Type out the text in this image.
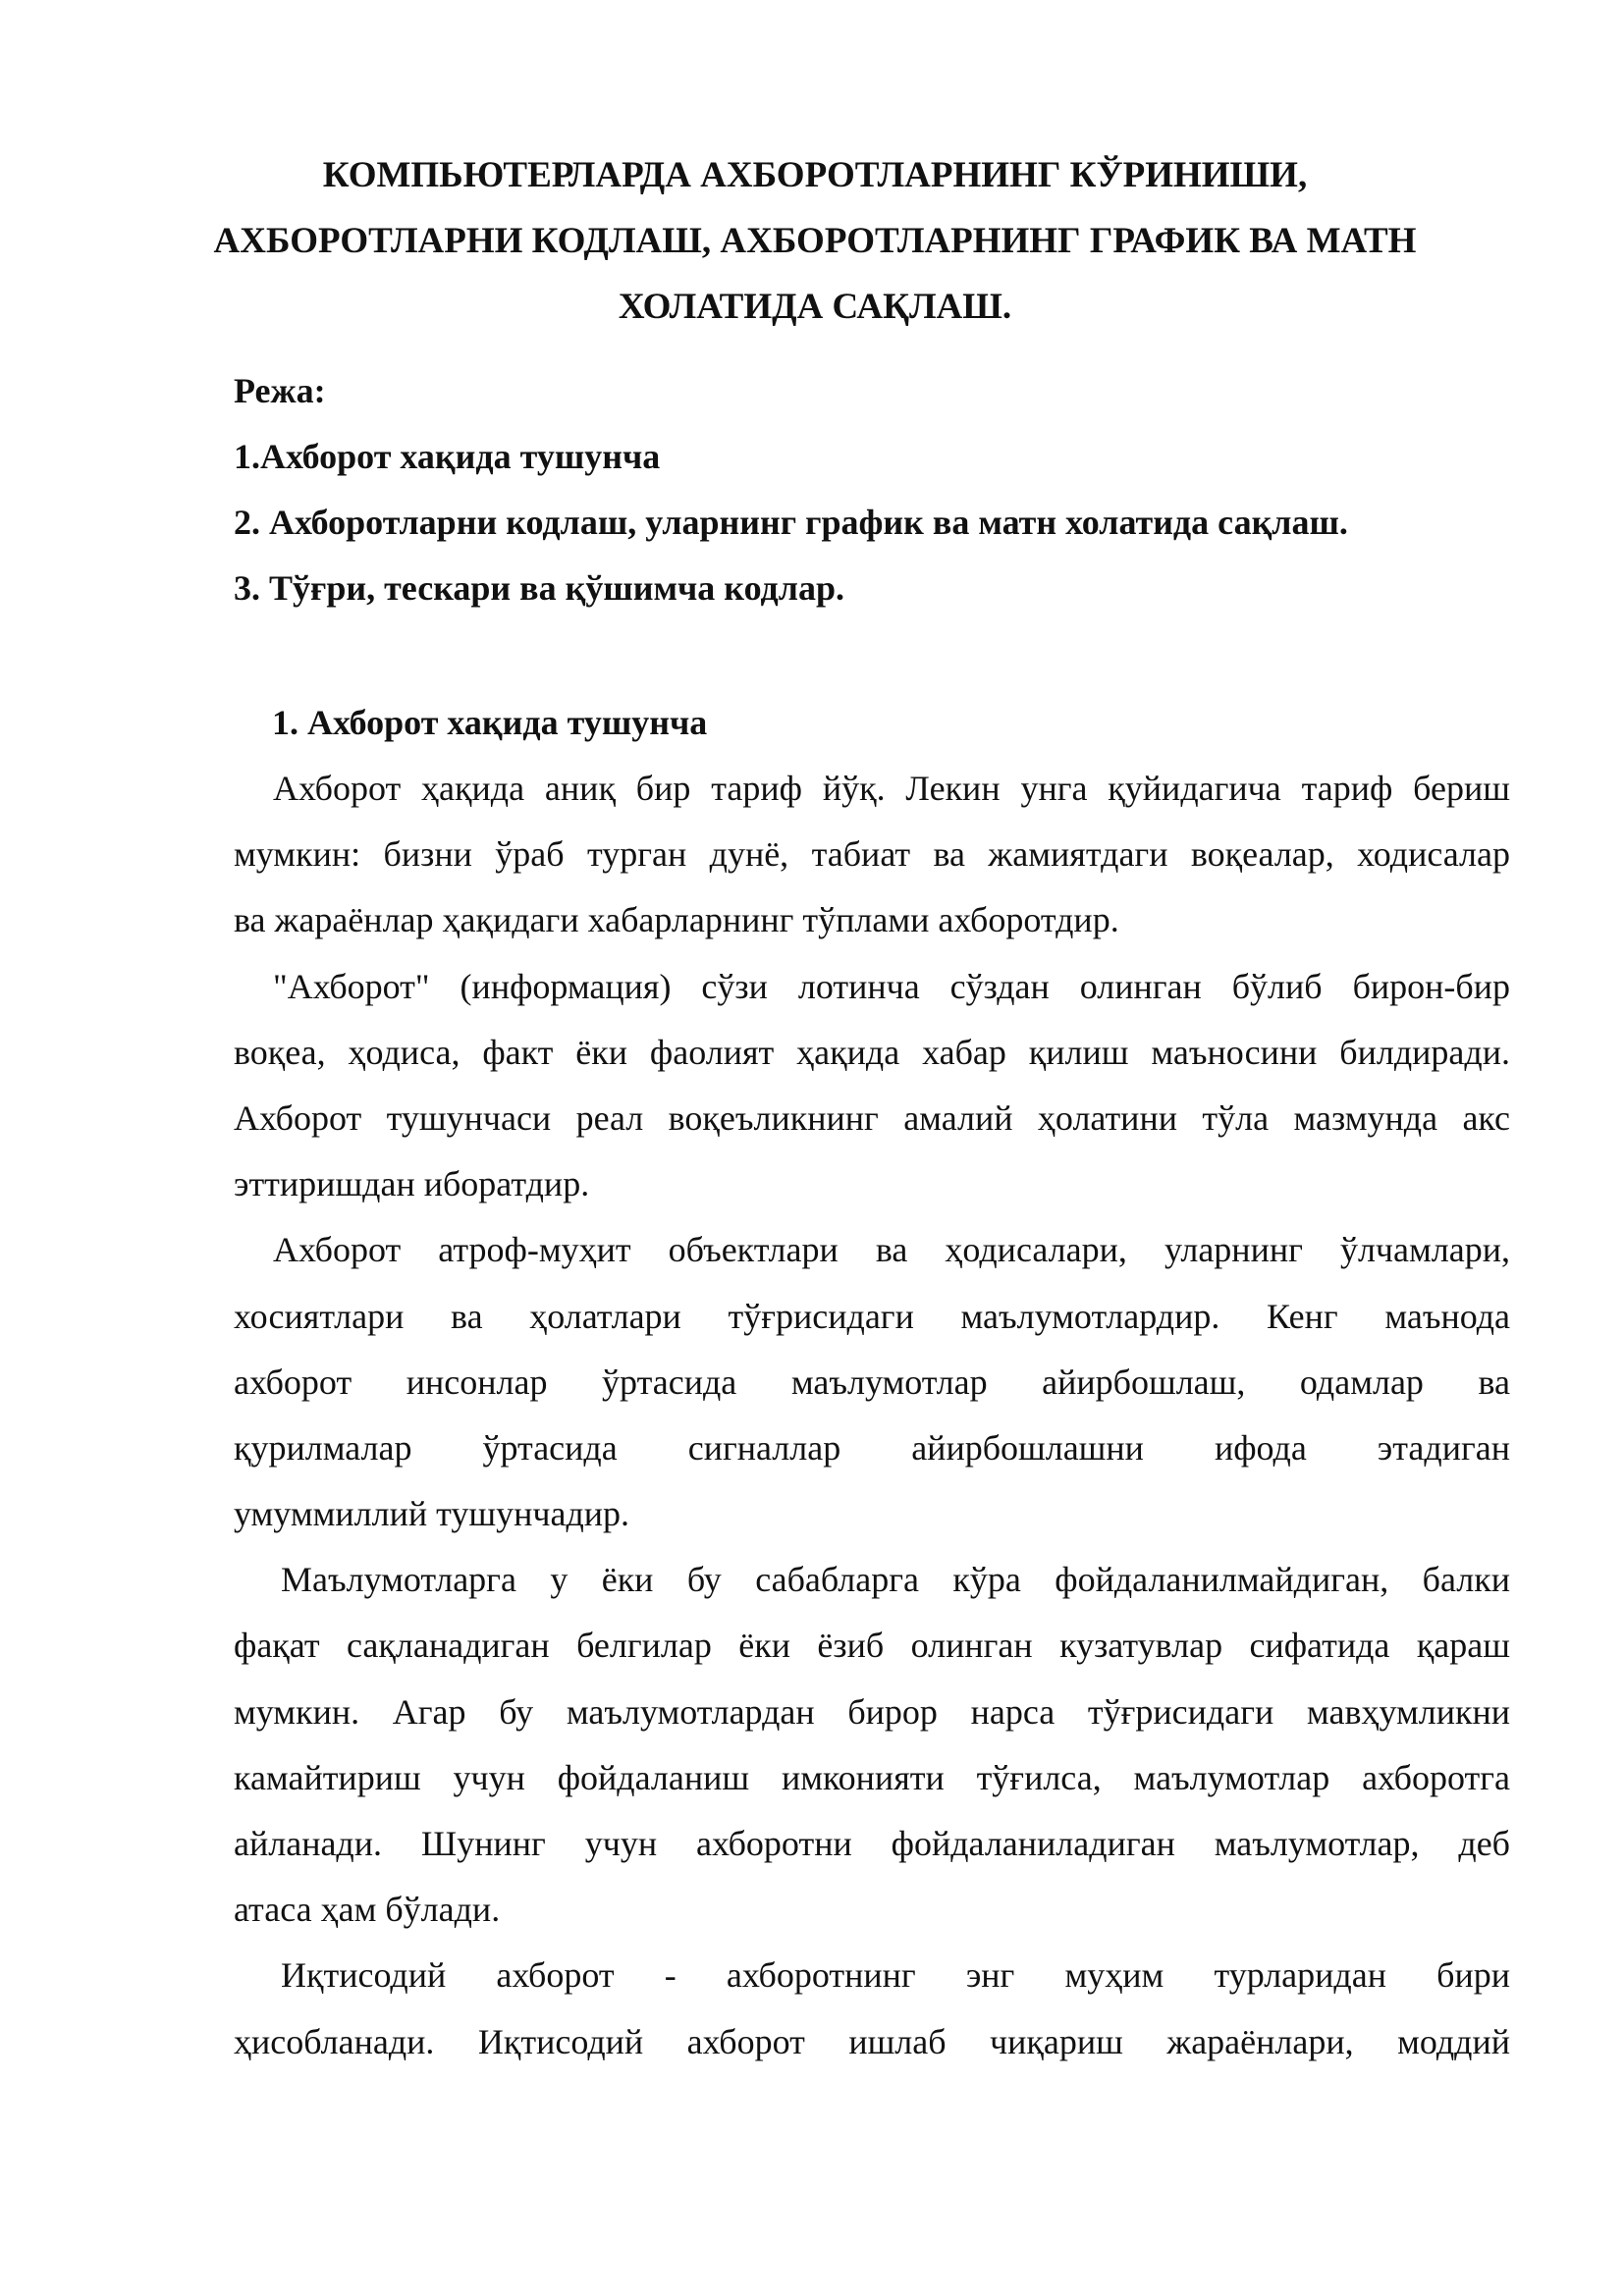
КОМПЬЮТЕРЛАРДА АХБОРОТЛАРНИНГ КЎРИНИШИ,
АХБОРОТЛАРНИ КОДЛАШ, АХБОРОТЛАРНИНГ ГРАФИК ВА МАТН
ХОЛАТИДА САҚЛАШ.
Режа:
1.Ахборот хақида тушунча
2. Ахборотларни кодлаш, уларнинг график ва матн холатида сақлаш.
3. Тўғри, тескари ва қўшимча кодлар.
1. Ахборот хақида тушунча
Ахборот ҳақида аниқ бир тариф йўқ. Лекин унга қуйидагича тариф бериш
мумкин: бизни ўраб турган дунё, табиат ва жамиятдаги воқеалар, ходисалар
ва жараёнлар ҳақидаги хабарларнинг тўплами ахборотдир.
"Ахборот" (информация) сўзи лотинча сўздан олинган бўлиб бирон-бир
воқеа, ҳодиса, факт ёки фаолият ҳақида хабар қилиш маъносини билдиради.
Ахборот тушунчаси реал воқеъликнинг амалий ҳолатини тўла мазмунда акс
эттиришдан иборатдир.
Ахборот атроф-муҳит объектлари ва ҳодисалари, уларнинг ўлчамлари,
хосиятлари ва ҳолатлари тўғрисидаги маълумотлардир. Кенг маънода
ахборот инсонлар ўртасида маълумотлар айирбошлаш, одамлар ва
қурилмалар ўртасида сигналлар айирбошлашни ифода этадиган
умуммиллий тушунчадир.
Маълумотларга у ёки бу сабабларга кўра фойдаланилмайдиган, балки
фақат сақланадиган белгилар ёки ёзиб олинган кузатувлар сифатида қараш
мумкин. Агар бу маълумотлардан бирор нарса тўғрисидаги мавҳумликни
камайтириш учун фойдаланиш имконияти тўғилса, маълумотлар ахборотга
айланади. Шунинг учун ахборотни фойдаланиладиган маълумотлар, деб
атаса ҳам бўлади.
Иқтисодий ахборот - ахборотнинг энг муҳим турларидан бири
ҳисобланади. Иқтисодий ахборот ишлаб чиқариш жараёнлари, моддий
